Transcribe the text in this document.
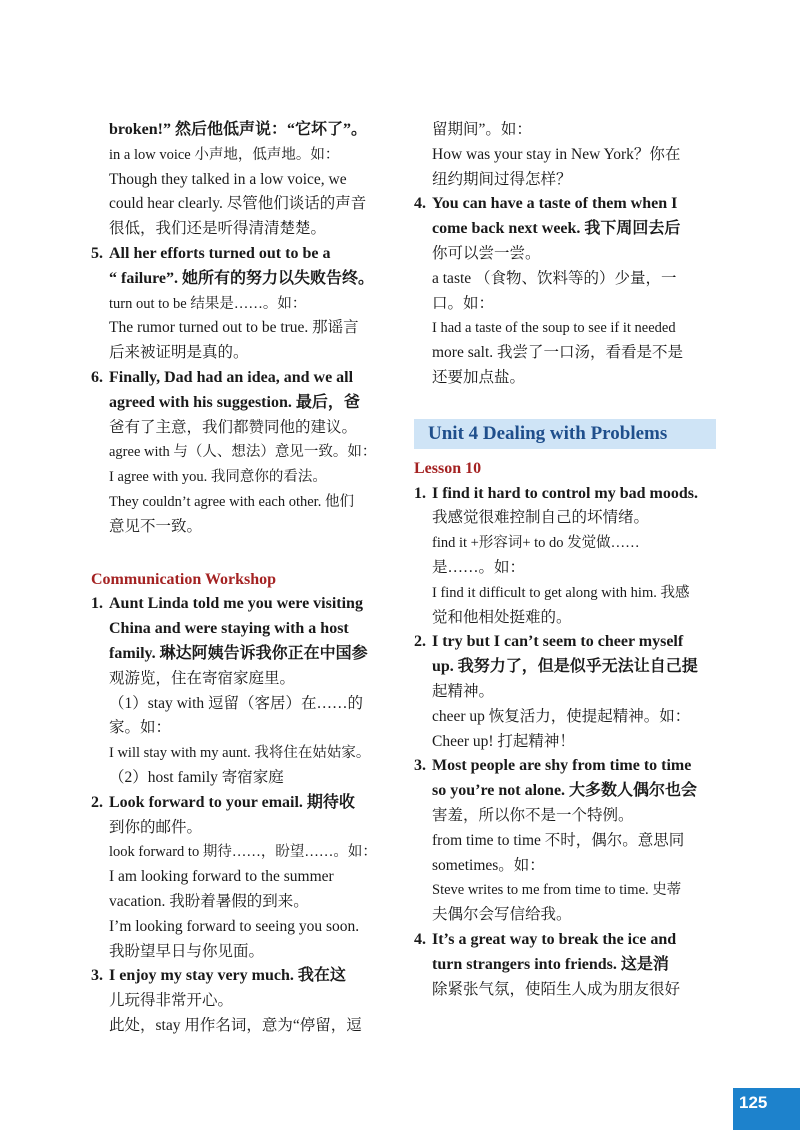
broken!” 然后他低声说：“它坏了”。
in a low voice 小声地，低声地。如：
Though they talked in a low voice, we
could hear clearly. 尽管他们谈话的声音
很低，我们还是听得清清楚楚。
5. All her efforts turned out to be a
“ failure”. 她所有的努力以失败告终。
turn out to be 结果是……。如：
The rumor turned out to be true. 那谣言
后来被证明是真的。
6. Finally, Dad had an idea, and we all
agreed with his suggestion. 最后，爸
爸有了主意，我们都赞同他的建议。
agree with 与（人、想法）意见一致。如：
I agree with you. 我同意你的看法。
They couldn’t agree with each other. 他们
意见不一致。
Communication Workshop
1. Aunt Linda told me you were visiting
China and were staying with a host
family. 琳达阿姨告诉我你正在中国参
观游览，住在寄宿家庭里。
（1）stay with 逗留（客居）在……的
家。如：
I will stay with my aunt. 我将住在姑姑家。
（2）host family 寄宿家庭
2. Look forward to your email. 期待收
到你的邮件。
look forward to 期待……，盼望……。如：
I am looking forward to the summer
vacation. 我盼着暑假的到来。
I’m looking forward to seeing you soon.
我盼望早日与你见面。
3. I enjoy my stay very much. 我在这
儿玩得非常开心。
此处，stay 用作名词，意为“停留，逗
留期间”。如：
How was your stay in New York？你在
纽约期间过得怎样？
4. You can have a taste of them when I
come back next week. 我下周回去后
你可以尝一尝。
a taste （食物、饮料等的）少量，一
口。如：
I had a taste of the soup to see if it needed
more salt. 我尝了一口汤，看看是不是
还要加点盐。
Unit 4 Dealing with Problems
Lesson 10
1. I find it hard to control my bad moods.
我感觉很难控制自己的坏情绪。
find it +形容词+ to do 发觉做……
是……。如：
I find it difficult to get along with him. 我感
觉和他相处挺难的。
2. I try but I can’t seem to cheer myself
up. 我努力了，但是似乎无法让自己提
起精神。
cheer up 恢复活力，使提起精神。如：
Cheer up! 打起精神！
3. Most people are shy from time to time
so you’re not alone. 大多数人偶尔也会
害羞，所以你不是一个特例。
from time to time 不时，偶尔。意思同
sometimes。如：
Steve writes to me from time to time. 史蒂
夫偶尔会写信给我。
4. It’s a great way to break the ice and
turn strangers into friends. 这是消
除紧张气氛，使陌生人成为朋友很好
125
